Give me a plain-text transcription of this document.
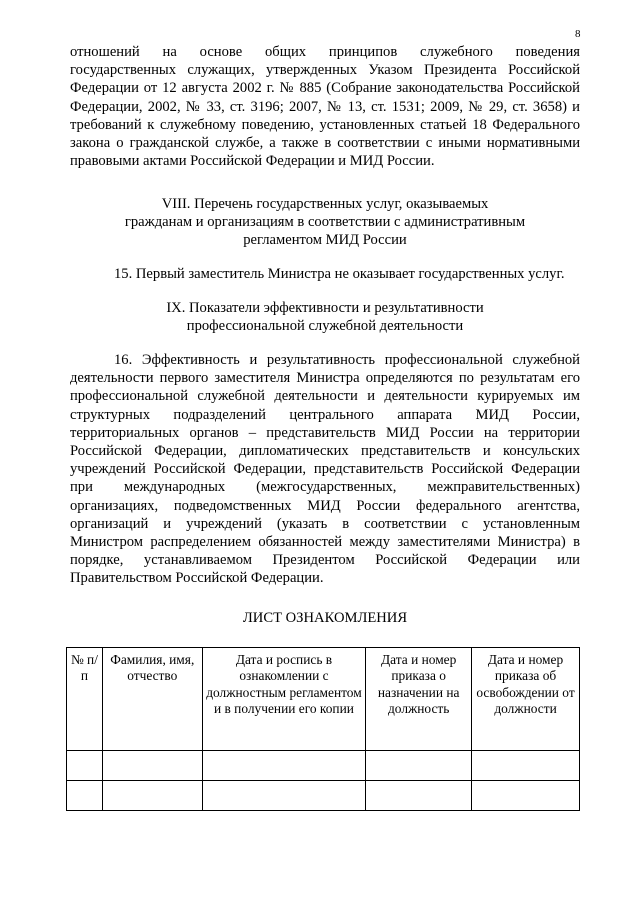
8
отношений на основе общих принципов служебного поведения
государственных служащих, утвержденных Указом Президента Российской
Федерации от 12 августа 2002 г. № 885 (Собрание законодательства Российской
Федерации, 2002, № 33, ст. 3196; 2007, № 13, ст. 1531; 2009, № 29, ст. 3658) и
требований к служебному поведению, установленных статьей 18 Федерального
закона о гражданской службе, а также в соответствии с иными нормативными
правовыми актами Российской Федерации и МИД России.
VIII. Перечень государственных услуг, оказываемых
гражданам и организациям в соответствии с административным
регламентом МИД России
15. Первый заместитель Министра не оказывает государственных услуг.
IX. Показатели эффективности и результативности
профессиональной служебной деятельности
16. Эффективность и результативность профессиональной служебной
деятельности первого заместителя Министра определяются по результатам его
профессиональной служебной деятельности и деятельности курируемых им
структурных подразделений центрального аппарата МИД России,
территориальных органов – представительств МИД России на территории
Российской Федерации, дипломатических представительств и консульских
учреждений Российской Федерации, представительств Российской Федерации
при международных (межгосударственных, межправительственных)
организациях, подведомственных МИД России федерального агентства,
организаций и учреждений (указать в соответствии с установленным
Министром распределением обязанностей между заместителями Министра) в
порядке, устанавливаемом Президентом Российской Федерации или
Правительством Российской Федерации.
ЛИСТ ОЗНАКОМЛЕНИЯ
№ п/п	Фамилия, имя, отчество	Дата и роспись в ознакомлении с должностным регламентом и в получении его копии	Дата и номер приказа о назначении на должность	Дата и номер приказа об освобождении от должности
